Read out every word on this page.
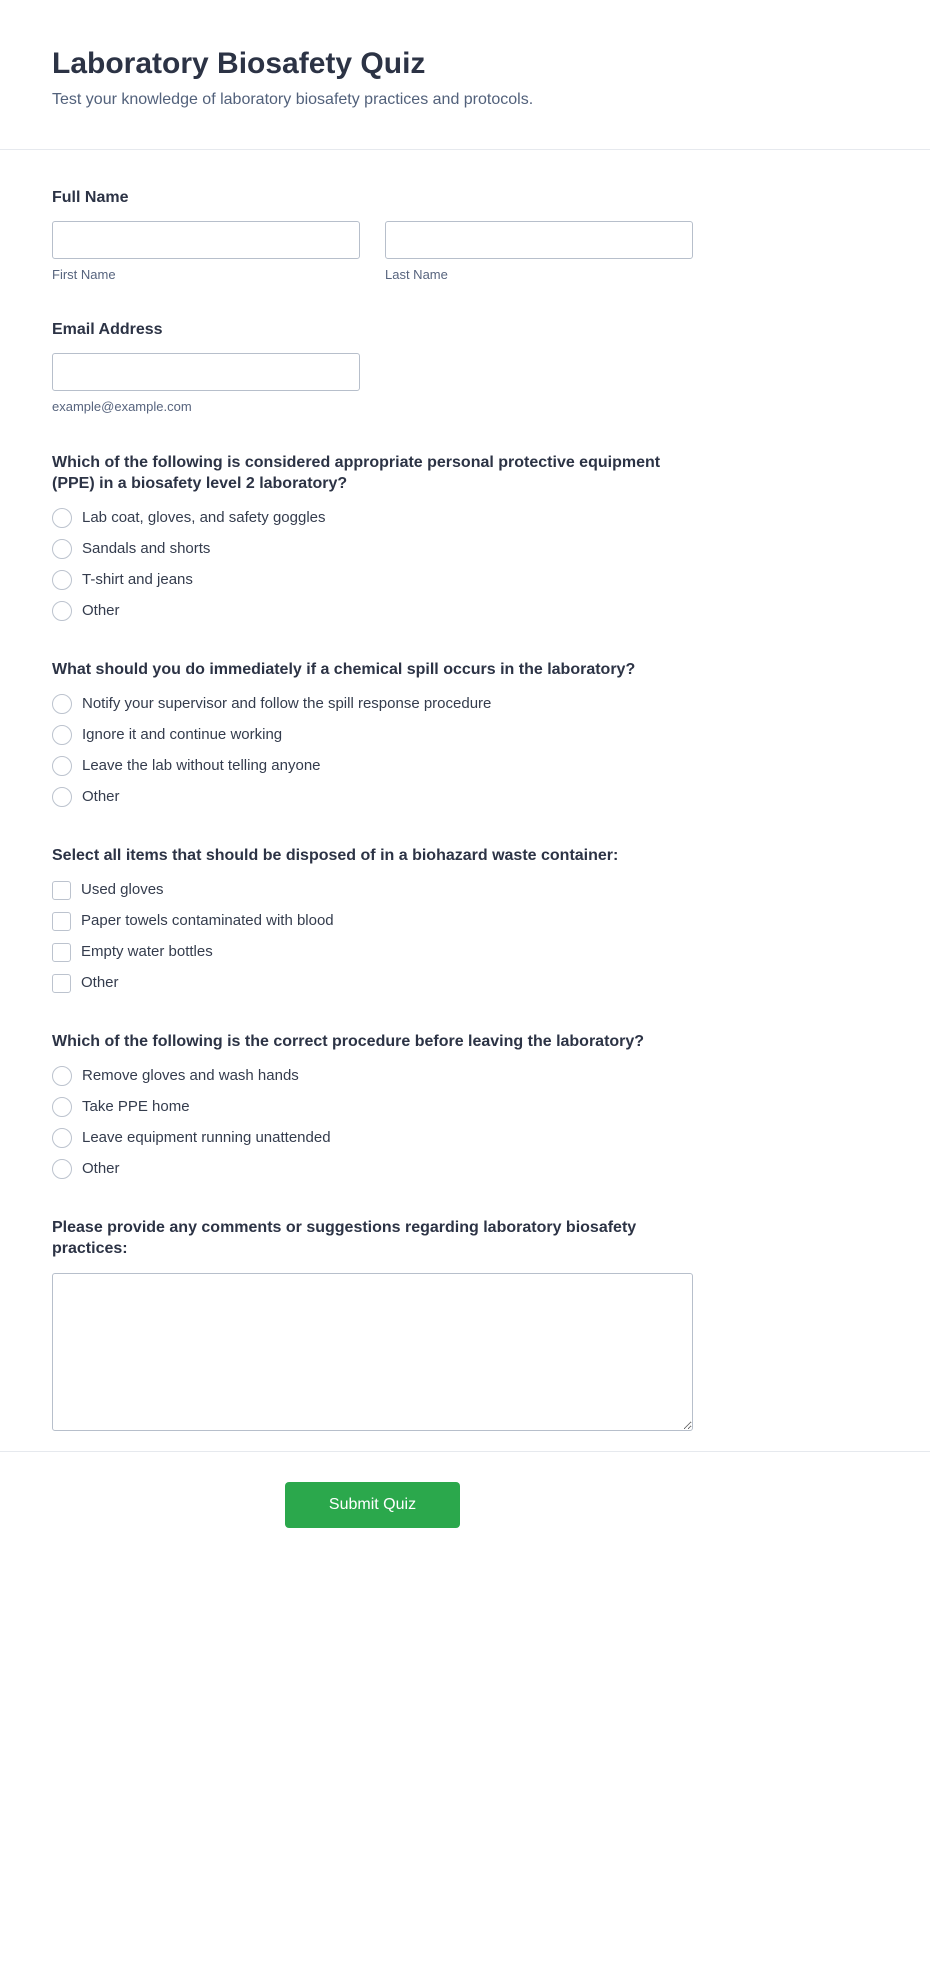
Laboratory Biosafety Quiz

Test your knowledge of laboratory biosafety practices and protocols.

Full Name
First Name	Last Name
Email Address
example@example.com
Which of the following is considered appropriate personal protective equipment (PPE) in a biosafety level 2 laboratory?
Lab coat, gloves, and safety goggles
Sandals and shorts
T-shirt and jeans
Other
What should you do immediately if a chemical spill occurs in the laboratory?
Notify your supervisor and follow the spill response procedure
Ignore it and continue working
Leave the lab without telling anyone
Other
Select all items that should be disposed of in a biohazard waste container:
Used gloves
Paper towels contaminated with blood
Empty water bottles
Other
Which of the following is the correct procedure before leaving the laboratory?
Remove gloves and wash hands
Take PPE home
Leave equipment running unattended
Other
Please provide any comments or suggestions regarding laboratory biosafety practices:
Submit Quiz
